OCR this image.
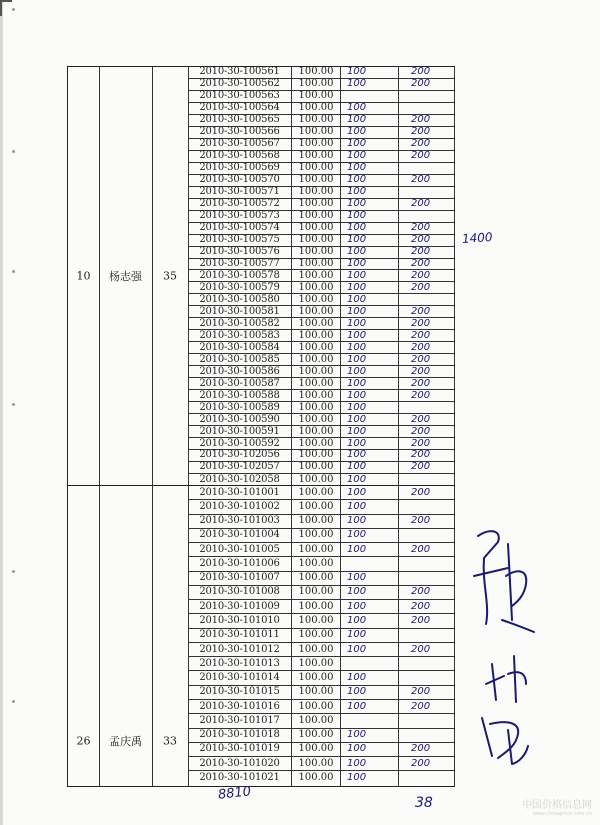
10	杨志强	35
2010-30-100561	100.00	100	200
2010-30-100562	100.00	100	200
2010-30-100563	100.00
2010-30-100564	100.00	100
2010-30-100565	100.00	100	200
2010-30-100566	100.00	100	200
2010-30-100567	100.00	100	200
2010-30-100568	100.00	100	200
2010-30-100569	100.00	100
2010-30-100570	100.00	100	200
2010-30-100571	100.00	100
2010-30-100572	100.00	100	200
2010-30-100573	100.00	100
2010-30-100574	100.00	100	200
2010-30-100575	100.00	100	200
2010-30-100576	100.00	100	200
2010-30-100577	100.00	100	200
2010-30-100578	100.00	100	200
2010-30-100579	100.00	100	200
2010-30-100580	100.00	100
2010-30-100581	100.00	100	200
2010-30-100582	100.00	100	200
2010-30-100583	100.00	100	200
2010-30-100584	100.00	100	200
2010-30-100585	100.00	100	200
2010-30-100586	100.00	100	200
2010-30-100587	100.00	100	200
2010-30-100588	100.00	100	200
2010-30-100589	100.00	100
2010-30-100590	100.00	100	200
2010-30-100591	100.00	100	200
2010-30-100592	100.00	100	200
2010-30-102056	100.00	100	200
2010-30-102057	100.00	100	200
2010-30-102058	100.00	100
26	孟庆禹	33
2010-30-101001	100.00	100	200
2010-30-101002	100.00	100
2010-30-101003	100.00	100	200
2010-30-101004	100.00	100
2010-30-101005	100.00	100	200
2010-30-101006	100.00
2010-30-101007	100.00	100
2010-30-101008	100.00	100	200
2010-30-101009	100.00	100	200
2010-30-101010	100.00	100	200
2010-30-101011	100.00	100
2010-30-101012	100.00	100	200
2010-30-101013	100.00
2010-30-101014	100.00	100
2010-30-101015	100.00	100	200
2010-30-101016	100.00	100	200
2010-30-101017	100.00
2010-30-101018	100.00	100
2010-30-101019	100.00	100	200
2010-30-101020	100.00	100	200
2010-30-101021	100.00	100
1400
8810
38	中国价格信息网
www.chinaprice.com.cn
